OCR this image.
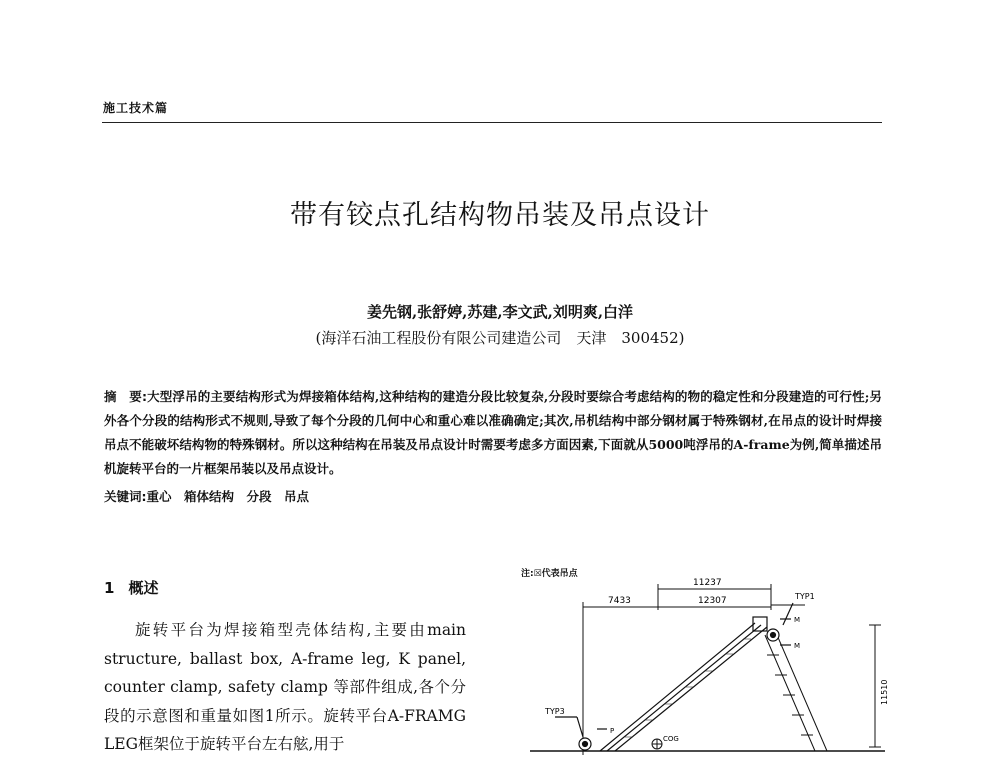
施工技术篇
带有铰点孔结构物吊装及吊点设计
姜先钢,张舒婷,苏建,李文武,刘明爽,白洋
(海洋石油工程股份有限公司建造公司　天津　300452)
摘　要:大型浮吊的主要结构形式为焊接箱体结构,这种结构的建造分段比较复杂,分段时要综合考虑结构的物的稳定性和分段建造的可行性;另外各个分段的结构形式不规则,导致了每个分段的几何中心和重心难以准确确定;其次,吊机结构中部分钢材属于特殊钢材,在吊点的设计时焊接吊点不能破坏结构物的特殊钢材。所以这种结构在吊装及吊点设计时需要考虑多方面因素,下面就从5000吨浮吊的A-frame为例,简单描述吊机旋转平台的一片框架吊装以及吊点设计。
关键词:重心　箱体结构　分段　吊点
1 概述

旋转平台为焊接箱型壳体结构,主要由main structure, ballast box, A-frame leg, K panel, counter clamp, safety clamp 等部件组成,各个分段的示意图和重量如图1所示。旋转平台A-FRAMG LEG框架位于旋转平台左右舷,用于

注:☒代表吊点
11237
7433	12307	TYP1
M
M
TYP3
P
COG
11510
